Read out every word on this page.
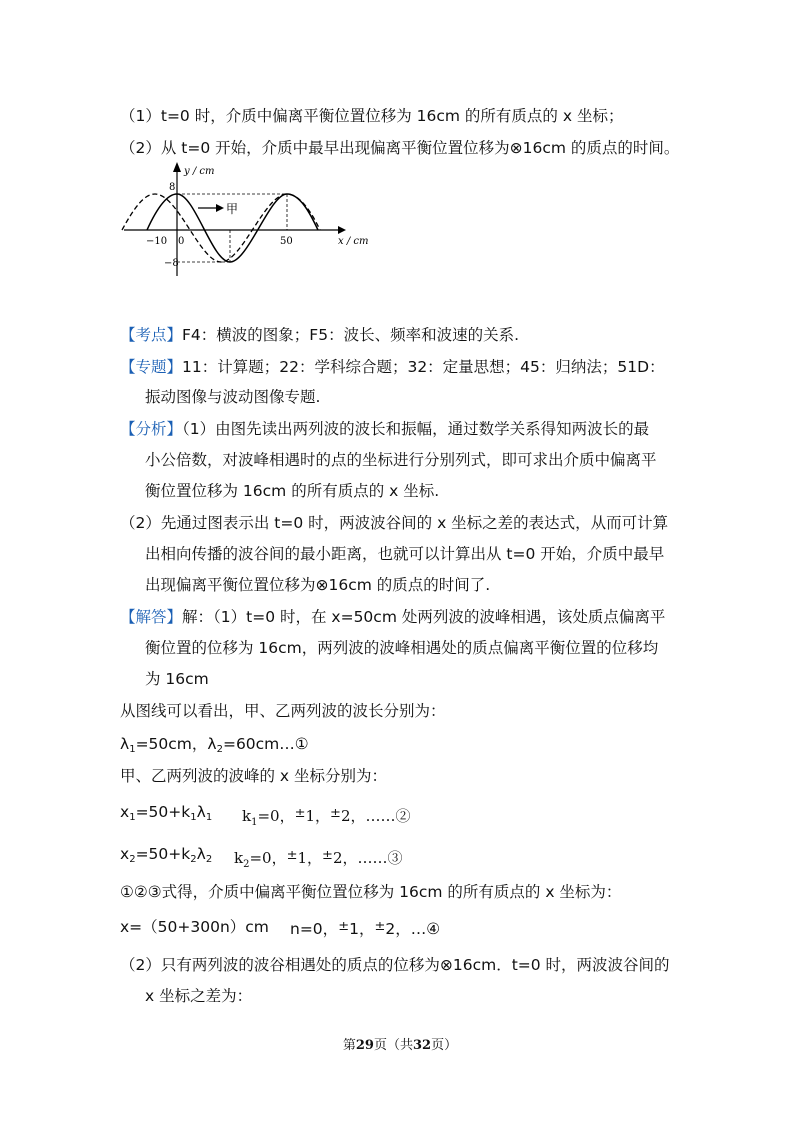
（1）t=0 时，介质中偏离平衡位置位移为 16cm 的所有质点的 x 坐标；
（2）从 t=0 开始，介质中最早出现偏离平衡位置位移为⊗16cm 的质点的时间。
甲
y / cm
x / cm
8
−8
−10 0	50
【考点】F4：横波的图象；F5：波长、频率和波速的关系.
【专题】11：计算题；22：学科综合题；32：定量思想；45：归纳法；51D：
振动图像与波动图像专题.
【分析】（1）由图先读出两列波的波长和振幅，通过数学关系得知两波长的最
小公倍数，对波峰相遇时的点的坐标进行分别列式，即可求出介质中偏离平
衡位置位移为 16cm 的所有质点的 x 坐标.
（2）先通过图表示出 t=0 时，两波波谷间的 x 坐标之差的表达式，从而可计算
出相向传播的波谷间的最小距离，也就可以计算出从 t=0 开始，介质中最早
出现偏离平衡位置位移为⊗16cm 的质点的时间了.
【解答】解：（1）t=0 时，在 x=50cm 处两列波的波峰相遇，该处质点偏离平
衡位置的位移为 16cm，两列波的波峰相遇处的质点偏离平衡位置的位移均
为 16cm
从图线可以看出，甲、乙两列波的波长分别为：
$\lambda_1=50cm$，$\lambda_2=60cm\dots ①$
甲、乙两列波的波峰的 x 坐标分别为：
$x_1=50+k_1\lambda_1$ $k_1=0$，±1，±2，……②
$x_2=50+k_2\lambda_2$ $k_2=0$，±1，±2，……③
①②③式得，介质中偏离平衡位置位移为 16cm 的所有质点的 x 坐标为：
x=（50+300n）cm n=0，±1，±2，…④
（2）只有两列波的波谷相遇处的质点的位移为⊗16cm．t=0 时，两波波谷间的
x 坐标之差为：
第29页（共32页）
